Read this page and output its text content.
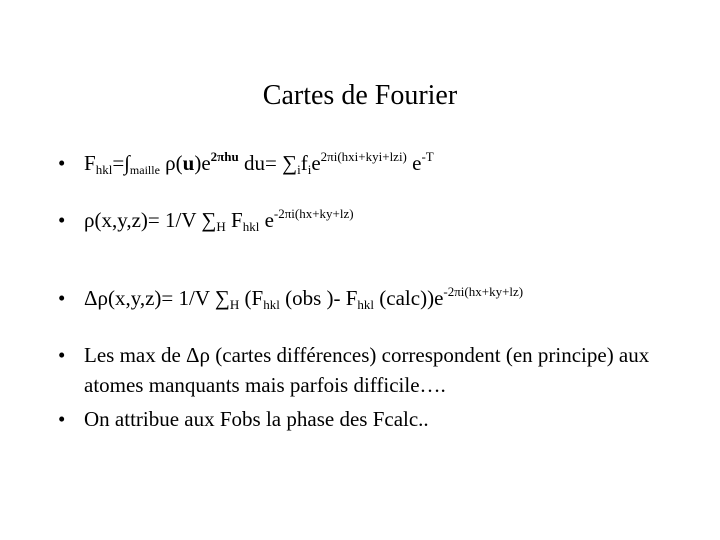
Cartes de Fourier
• $F_{hkl}=\int_{maille}$ $\rho(u)e^{2\pi hu}$ $du= \sum_if_ie^{2\pi i(hxi+kyi+lzi)}$ $e^{-T}$
• ρ(x,y,z)= 1/V $\sum_H$ $F_{hkl}$ $e^{-2\pi i(hx+ky+lz)}$
• Δρ(x,y,z)= 1/V $\sum_H$ ($F_{hkl}$ (obs )- $F_{hkl}$ $(calc))e^{-2\pi i(hx+ky+lz)}$
• Les max de Δρ (cartes différences) correspondent (en principe) aux atomes manquants mais parfois difficile….
• On attribue aux Fobs la phase des Fcalc..
